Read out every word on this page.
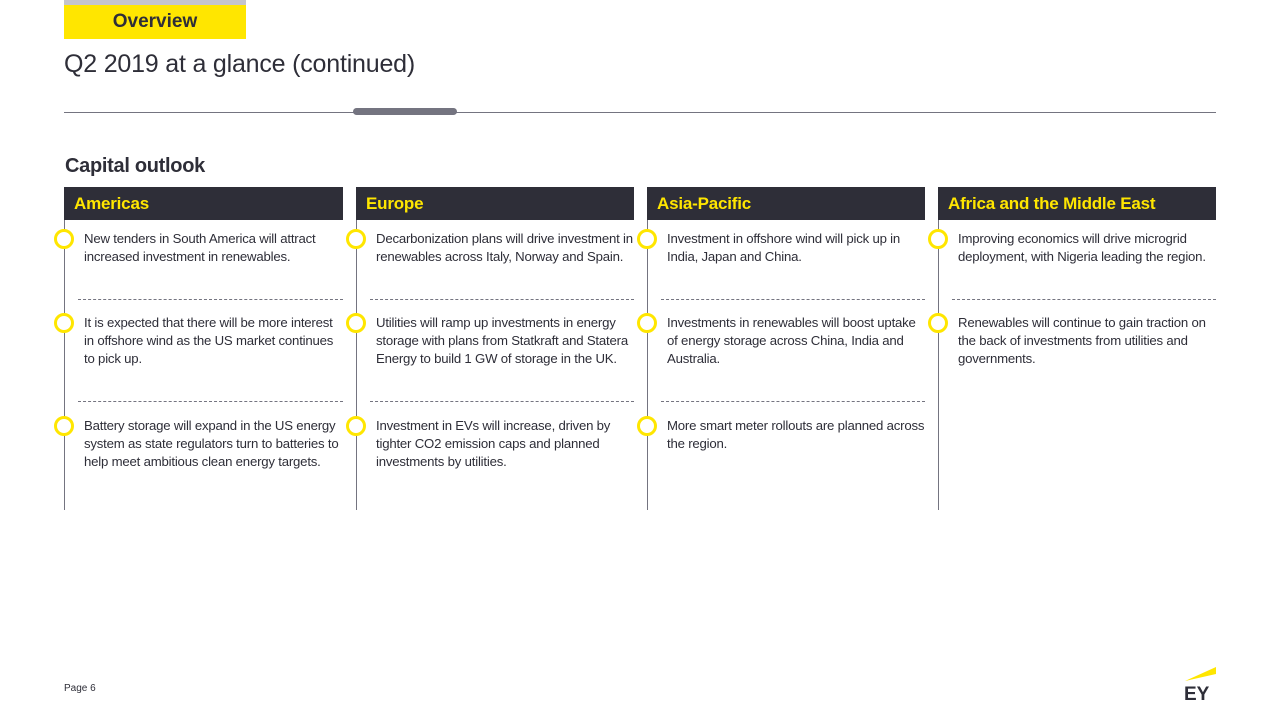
Overview
Q2 2019 at a glance (continued)
Capital outlook
Americas
New tenders in South America will attract increased investment in renewables.
It is expected that there will be more interest in offshore wind as the US market continues to pick up.
Battery storage will expand in the US energy system as state regulators turn to batteries to help meet ambitious clean energy targets.
Europe
Decarbonization plans will drive investment in renewables across Italy, Norway and Spain.
Utilities will ramp up investments in energy storage with plans from Statkraft and Statera Energy to build 1 GW of storage in the UK.
Investment in EVs will increase, driven by tighter CO2 emission caps and planned investments by utilities.
Asia-Pacific
Investment in offshore wind will pick up in India, Japan and China.
Investments in renewables will boost uptake of energy storage across China, India and Australia.
More smart meter rollouts are planned across the region.
Africa and the Middle East
Improving economics will drive microgrid deployment, with Nigeria leading the region.
Renewables will continue to gain traction on the back of investments from utilities and governments.
Page 6	EY
